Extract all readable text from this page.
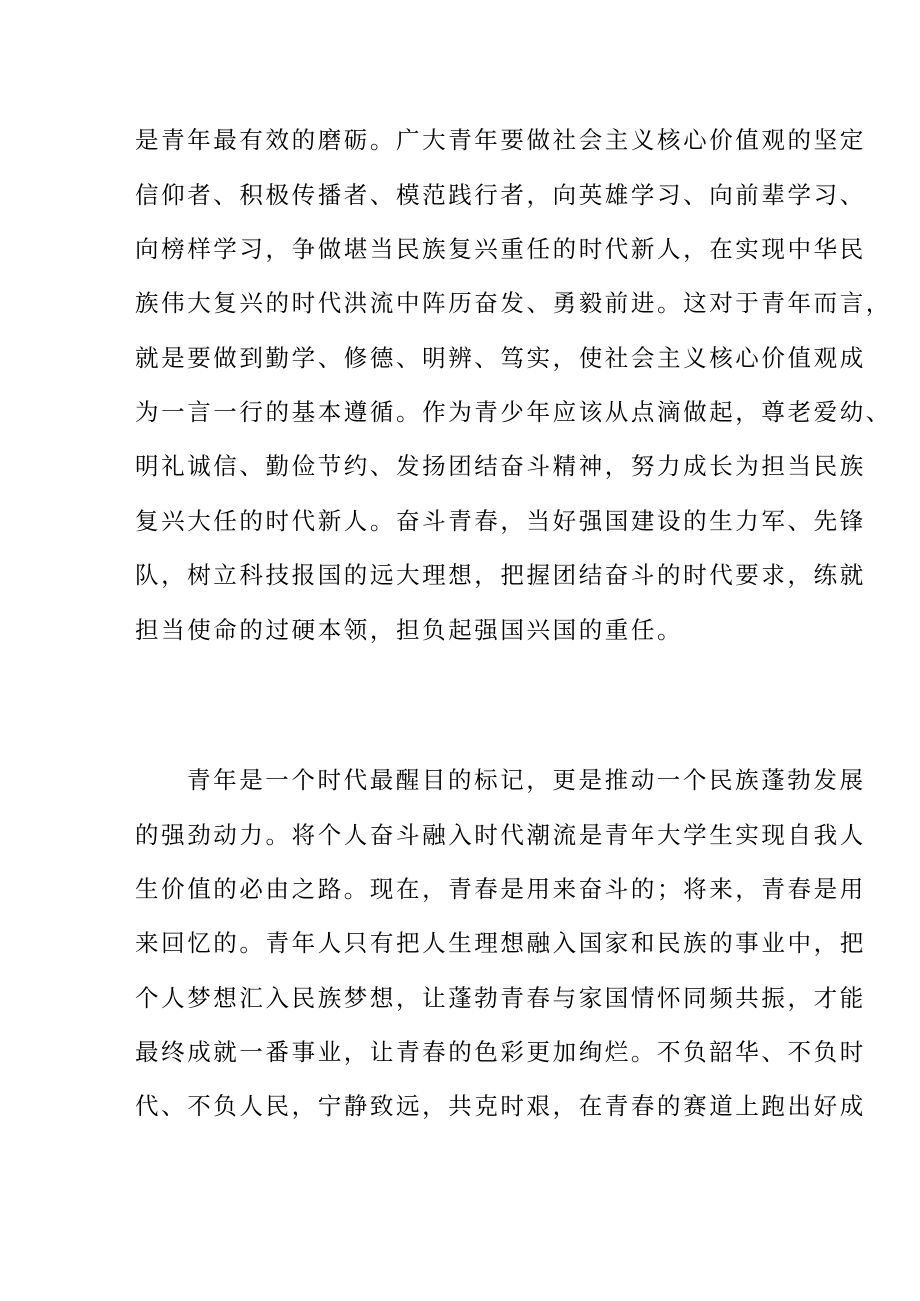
是青年最有效的磨砺。广大青年要做社会主义核心价值观的坚定
信仰者、积极传播者、模范践行者，向英雄学习、向前辈学习、
向榜样学习，争做堪当民族复兴重任的时代新人，在实现中华民
族伟大复兴的时代洪流中阵历奋发、勇毅前进。这对于青年而言，
就是要做到勤学、修德、明辨、笃实，使社会主义核心价值观成
为一言一行的基本遵循。作为青少年应该从点滴做起，尊老爱幼、
明礼诚信、勤俭节约、发扬团结奋斗精神，努力成长为担当民族
复兴大任的时代新人。奋斗青春，当好强国建设的生力军、先锋
队，树立科技报国的远大理想，把握团结奋斗的时代要求，练就
担当使命的过硬本领，担负起强国兴国的重任。
青年是一个时代最醒目的标记，更是推动一个民族蓬勃发展
的强劲动力。将个人奋斗融入时代潮流是青年大学生实现自我人
生价值的必由之路。现在，青春是用来奋斗的；将来，青春是用
来回忆的。青年人只有把人生理想融入国家和民族的事业中，把
个人梦想汇入民族梦想，让蓬勃青春与家国情怀同频共振，才能
最终成就一番事业，让青春的色彩更加绚烂。不负韶华、不负时
代、不负人民，宁静致远，共克时艰，在青春的赛道上跑出好成
